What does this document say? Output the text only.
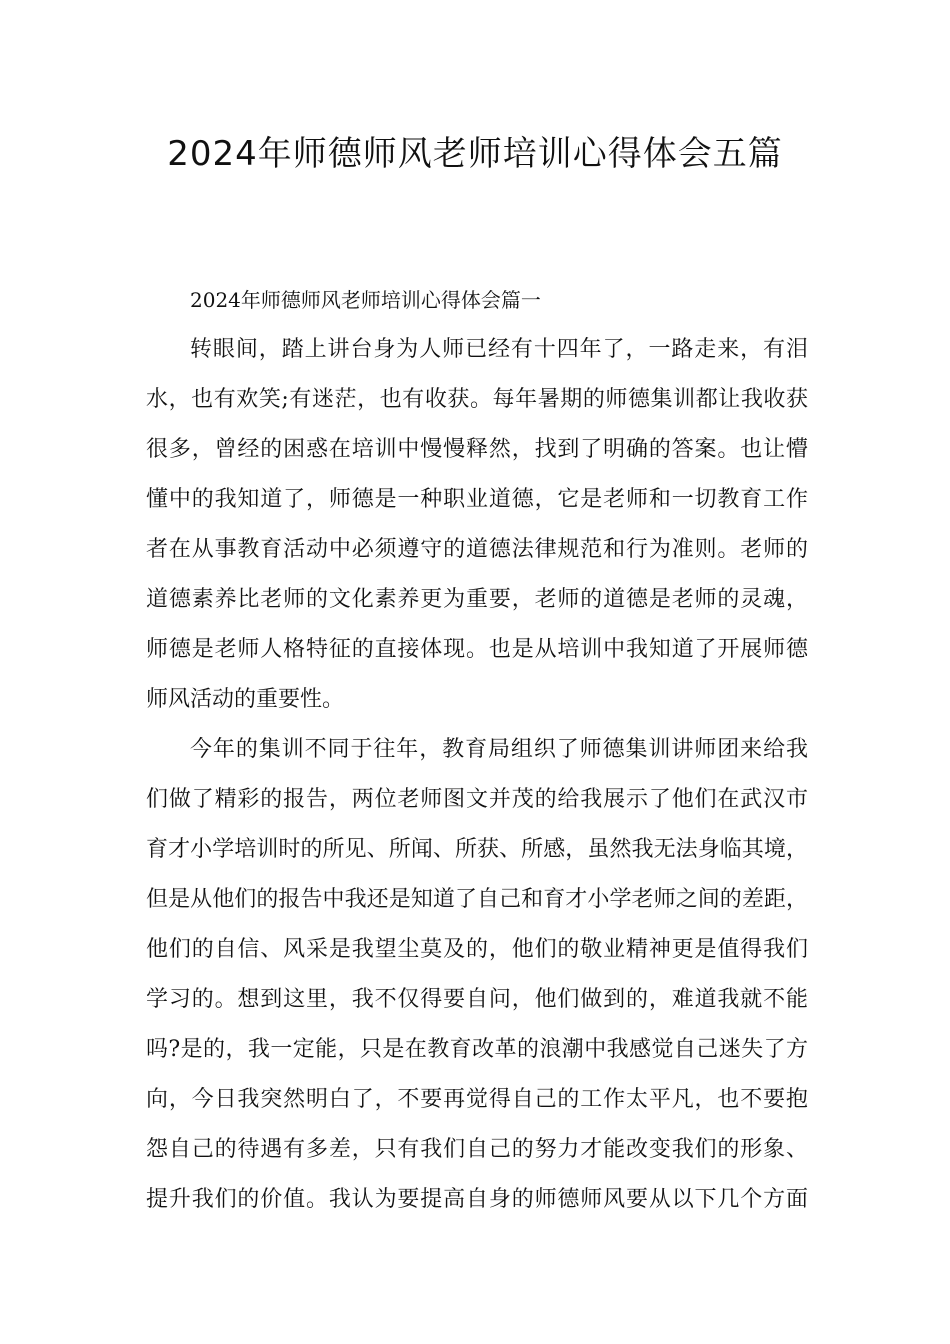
2024年师德师风老师培训心得体会五篇
2024年师德师风老师培训心得体会篇一
转眼间，踏上讲台身为人师已经有十四年了，一路走来，有泪
水，也有欢笑;有迷茫，也有收获。每年暑期的师德集训都让我收获
很多，曾经的困惑在培训中慢慢释然，找到了明确的答案。也让懵
懂中的我知道了，师德是一种职业道德，它是老师和一切教育工作
者在从事教育活动中必须遵守的道德法律规范和行为准则。老师的
道德素养比老师的文化素养更为重要，老师的道德是老师的灵魂，
师德是老师人格特征的直接体现。也是从培训中我知道了开展师德
师风活动的重要性。
今年的集训不同于往年，教育局组织了师德集训讲师团来给我
们做了精彩的报告，两位老师图文并茂的给我展示了他们在武汉市
育才小学培训时的所见、所闻、所获、所感，虽然我无法身临其境，
但是从他们的报告中我还是知道了自己和育才小学老师之间的差距，
他们的自信、风采是我望尘莫及的，他们的敬业精神更是值得我们
学习的。想到这里，我不仅得要自问，他们做到的，难道我就不能
吗?是的，我一定能，只是在教育改革的浪潮中我感觉自己迷失了方
向，今日我突然明白了，不要再觉得自己的工作太平凡，也不要抱
怨自己的待遇有多差，只有我们自己的努力才能改变我们的形象、
提升我们的价值。我认为要提高自身的师德师风要从以下几个方面
